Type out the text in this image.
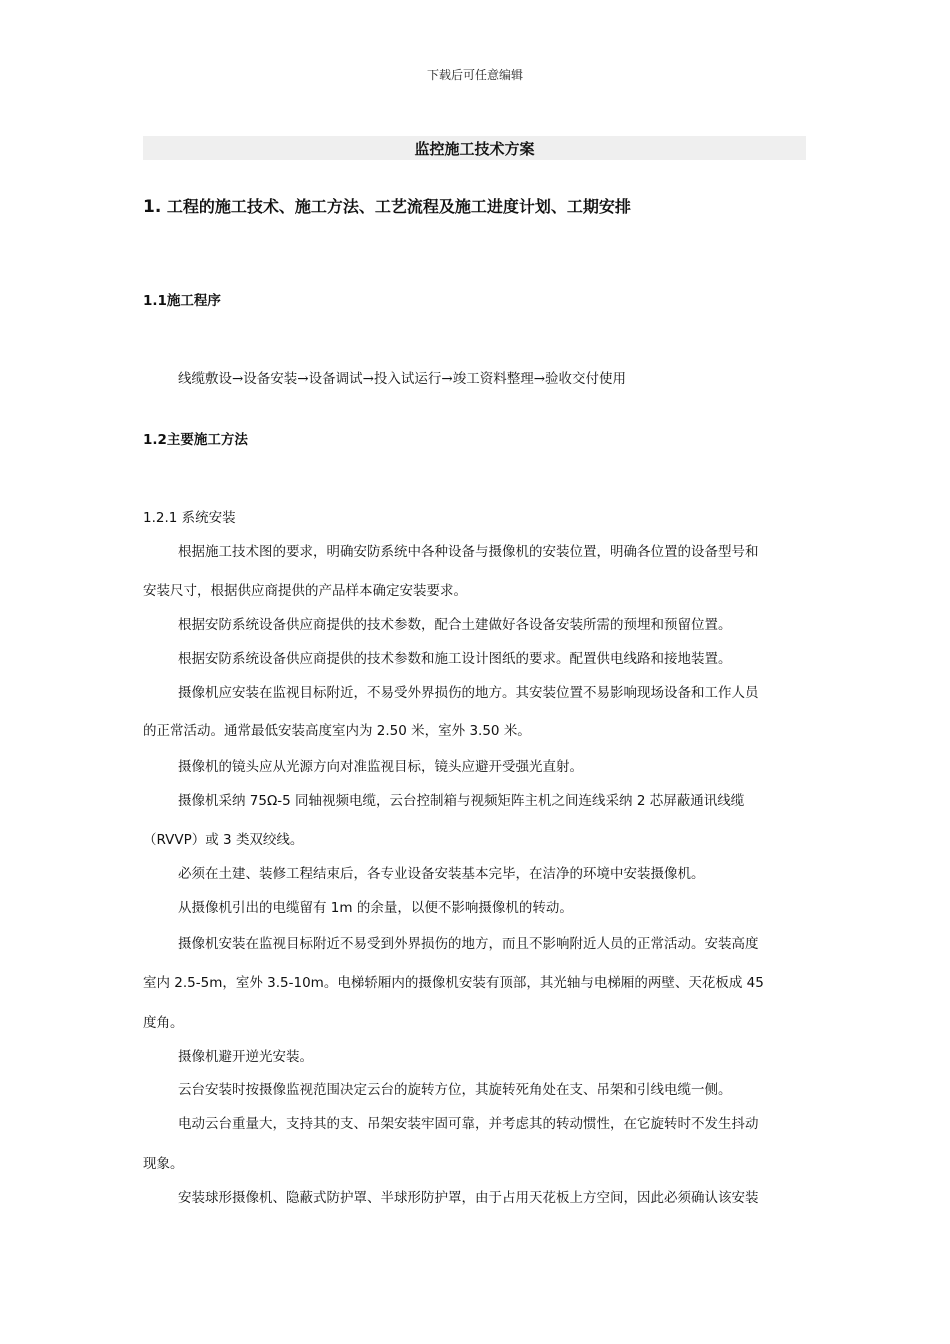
下载后可任意编辑
监控施工技术方案
1. 工程的施工技术、施工方法、工艺流程及施工进度计划、工期安排
1.1施工程序
线缆敷设→设备安装→设备调试→投入试运行→竣工资料整理→验收交付使用
1.2主要施工方法
1.2.1 系统安装
根据施工技术图的要求，明确安防系统中各种设备与摄像机的安装位置，明确各位置的设备型号和
安装尺寸，根据供应商提供的产品样本确定安装要求。
根据安防系统设备供应商提供的技术参数，配合土建做好各设备安装所需的预埋和预留位置。
根据安防系统设备供应商提供的技术参数和施工设计图纸的要求。配置供电线路和接地装置。
摄像机应安装在监视目标附近，不易受外界损伤的地方。其安装位置不易影响现场设备和工作人员
的正常活动。通常最低安装高度室内为 2.50 米，室外 3.50 米。
摄像机的镜头应从光源方向对准监视目标，镜头应避开受强光直射。
摄像机采纳 75Ω-5 同轴视频电缆，云台控制箱与视频矩阵主机之间连线采纳 2 芯屏蔽通讯线缆
（RVVP）或 3 类双绞线。
必须在土建、装修工程结束后，各专业设备安装基本完毕，在洁净的环境中安装摄像机。
从摄像机引出的电缆留有 1m 的余量，以便不影响摄像机的转动。
摄像机安装在监视目标附近不易受到外界损伤的地方，而且不影响附近人员的正常活动。安装高度
室内 2.5-5m，室外 3.5-10m。电梯轿厢内的摄像机安装有顶部，其光轴与电梯厢的两壁、天花板成 45
度角。
摄像机避开逆光安装。
云台安装时按摄像监视范围决定云台的旋转方位，其旋转死角处在支、吊架和引线电缆一侧。
电动云台重量大，支持其的支、吊架安装牢固可靠，并考虑其的转动惯性，在它旋转时不发生抖动
现象。
安装球形摄像机、隐蔽式防护罩、半球形防护罩，由于占用天花板上方空间，因此必须确认该安装
